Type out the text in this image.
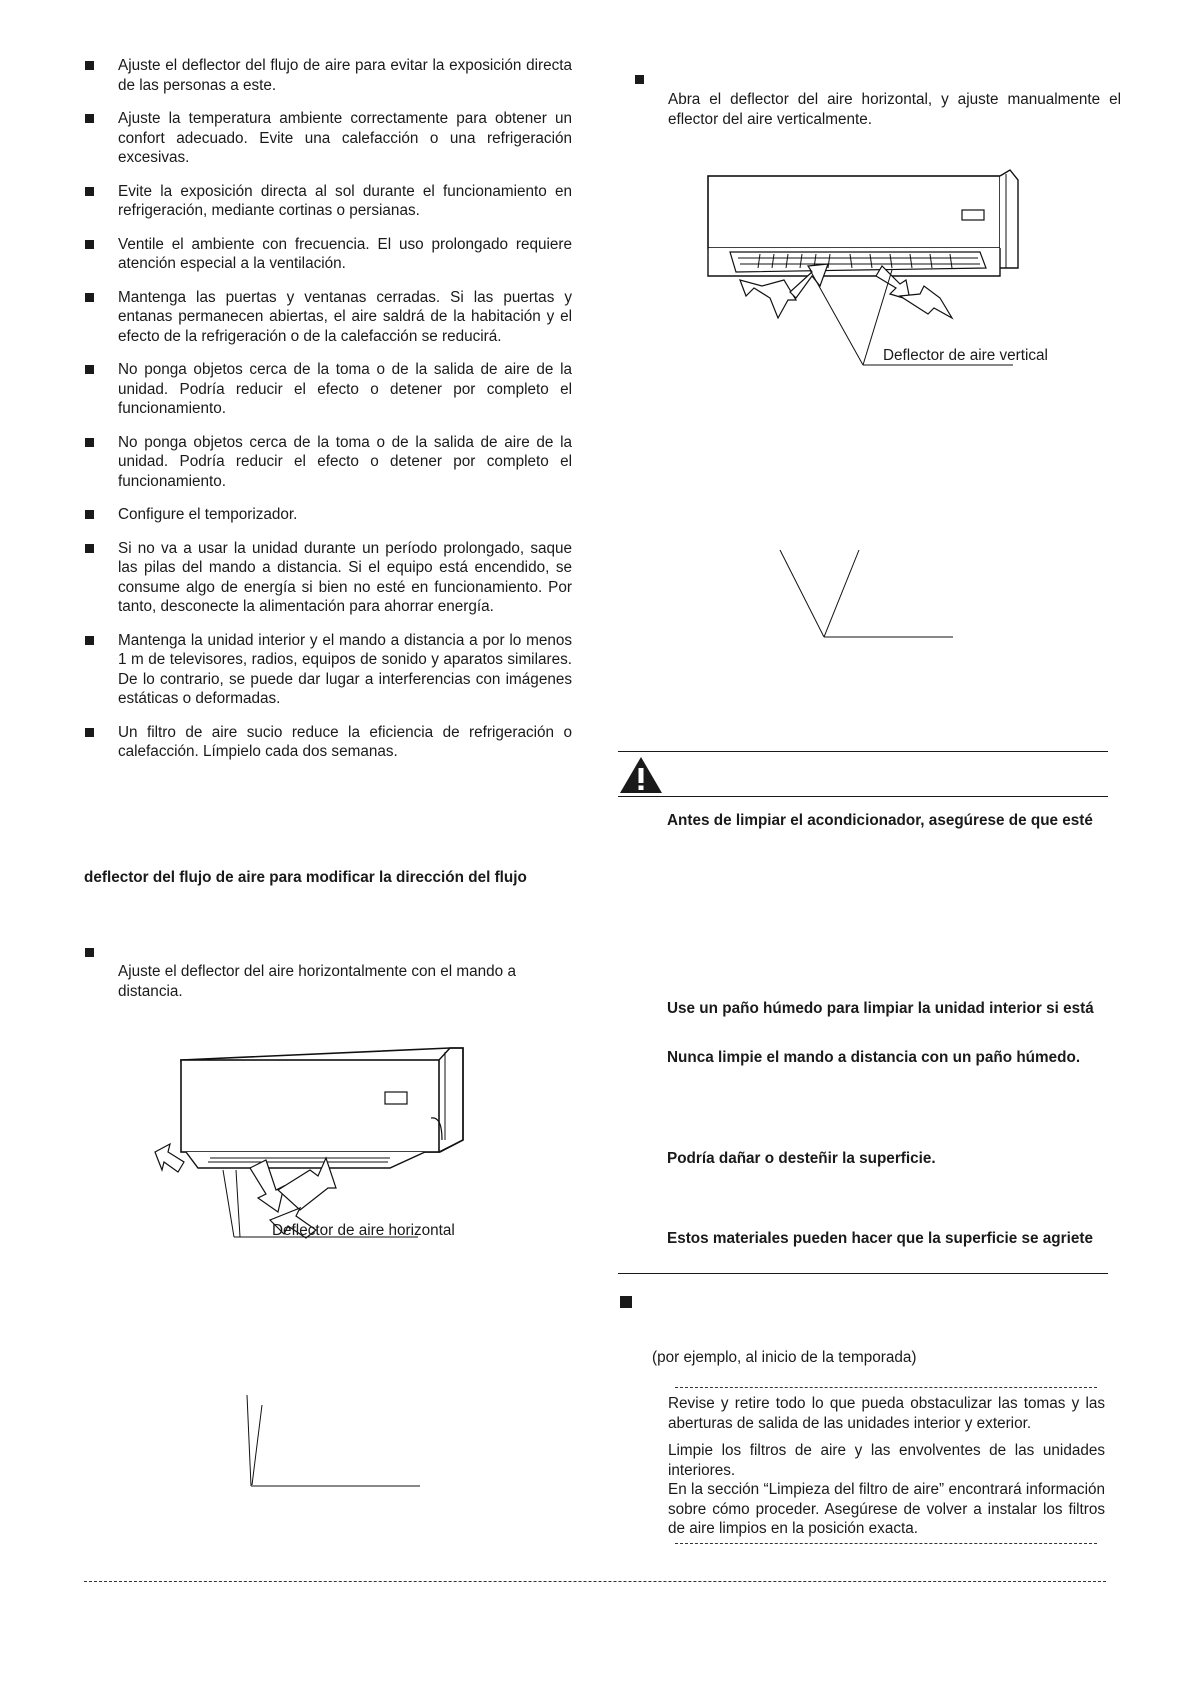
Ajuste el deflector del flujo de aire para evitar la exposición directa de las personas a este.
Ajuste la temperatura ambiente correctamente para obtener un confort adecuado. Evite una calefacción o una refrigeración excesivas.
Evite la exposición directa al sol durante el funcionamiento en refrigeración, mediante cortinas o persianas.
Ventile el ambiente con frecuencia. El uso prolongado requiere atención especial a la ventilación.
Mantenga las puertas y ventanas cerradas. Si las puertas y entanas permanecen abiertas, el aire saldrá de la habitación y el efecto de la refrigeración o de la calefacción se reducirá.
No ponga objetos cerca de la toma o de la salida de aire de la unidad. Podría reducir el efecto o detener por completo el funcionamiento.
No ponga objetos cerca de la toma o de la salida de aire de la unidad. Podría reducir el efecto o detener por completo el funcionamiento.
Configure el temporizador.
Si no va a usar la unidad durante un período prolongado, saque las pilas del mando a distancia. Si el equipo está encendido, se consume algo de energía si bien no esté en funcionamiento. Por tanto, desconecte la alimentación para ahorrar energía.
Mantenga la unidad interior y el mando a distancia a por lo menos 1 m de televisores, radios, equipos de sonido y aparatos similares. De lo contrario, se puede dar lugar a interferencias con imágenes estáticas o deformadas.
Un filtro de aire sucio reduce la eficiencia de refrigeración o calefacción. Límpielo cada dos semanas.
deflector del flujo de aire para modificar la dirección del flujo
Ajuste el deflector del aire horizontalmente con el mando a distancia.
Deflector de aire horizontal
Abra el deflector del aire horizontal, y ajuste manualmente el eflector del aire verticalmente.
Deflector de aire vertical
Antes de limpiar el acondicionador, asegúrese de que esté
Use un paño húmedo para limpiar la unidad interior si está
Nunca limpie el mando a distancia con un paño húmedo.
Podría dañar o desteñir la superficie.
Estos materiales pueden hacer que la superficie se agriete
(por ejemplo, al inicio de la temporada)
Revise y retire todo lo que pueda obstaculizar las tomas y las aberturas de salida de las unidades interior y exterior.
Limpie los filtros de aire y las envolventes de las unidades interiores.
En la sección “Limpieza del filtro de aire” encontrará información sobre cómo proceder. Asegúrese de volver a instalar los filtros de aire limpios en la posición exacta.
